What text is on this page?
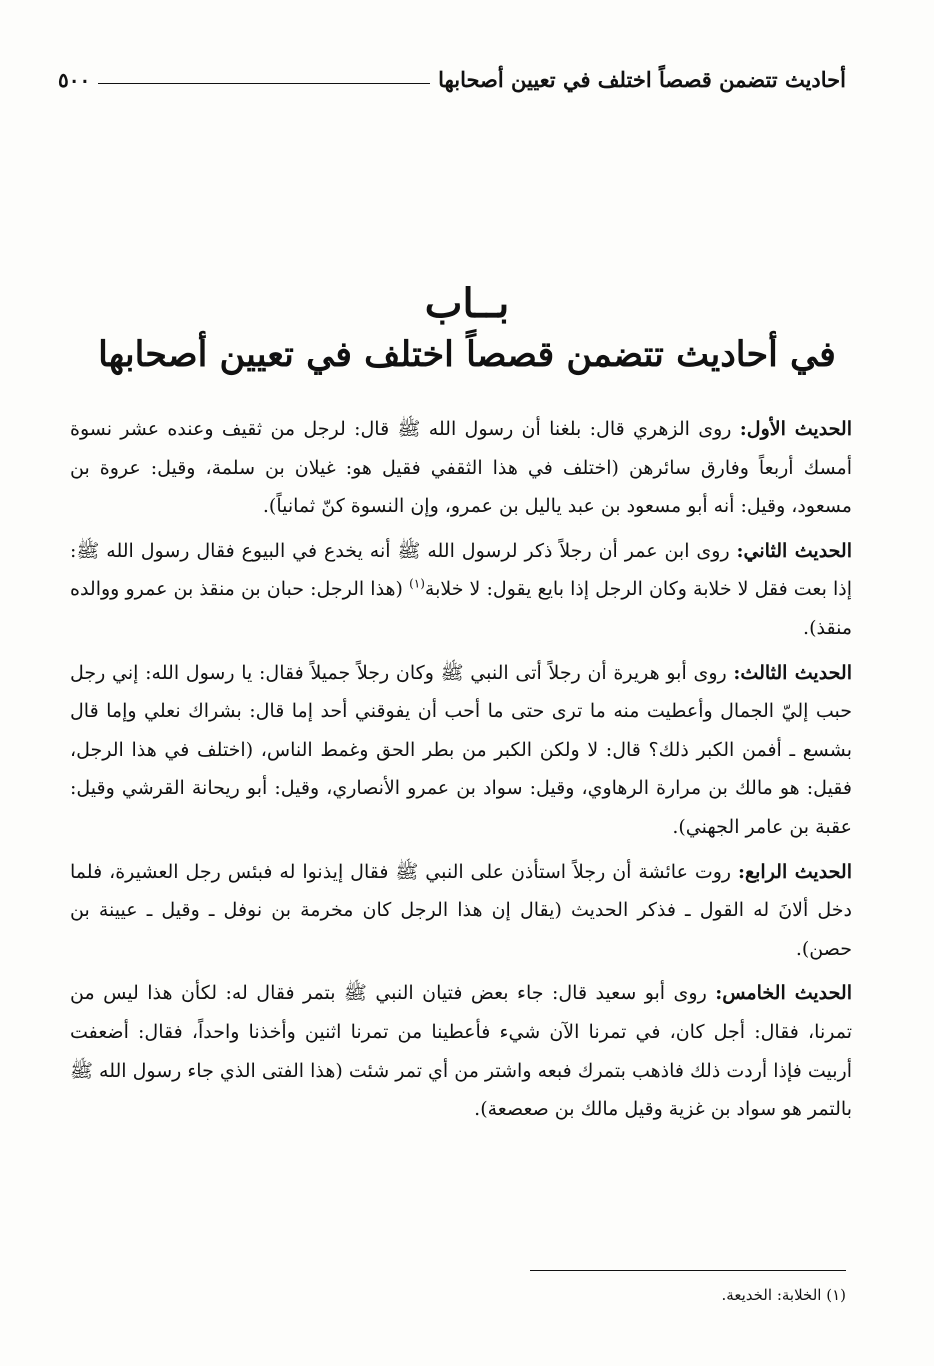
أحاديث تتضمن قصصاً اختلف في تعيين أصحابها
٥٠٠
بــاب
في أحاديث تتضمن قصصاً اختلف في تعيين أصحابها

الحديث الأول: روى الزهري قال: بلغنا أن رسول الله ﷺ قال: لرجل من ثقيف وعنده عشر نسوة أمسك أربعاً وفارق سائرهن (اختلف في هذا الثقفي فقيل هو: غيلان بن سلمة، وقيل: عروة بن مسعود، وقيل: أنه أبو مسعود بن عبد ياليل بن عمرو، وإن النسوة كنّ ثمانياً).

الحديث الثاني: روى ابن عمر أن رجلاً ذكر لرسول الله ﷺ أنه يخدع في البيوع فقال رسول الله ﷺ: إذا بعت فقل لا خلابة وكان الرجل إذا بايع يقول: لا خلابة$^{(١)}$ (هذا الرجل: حبان بن منقذ بن عمرو ووالده منقذ).

الحديث الثالث: روى أبو هريرة أن رجلاً أتى النبي ﷺ وكان رجلاً جميلاً فقال: يا رسول الله: إني رجل حبب إليّ الجمال وأعطيت منه ما ترى حتى ما أحب أن يفوقني أحد إما قال: بشراك نعلي وإما قال بشسع ـ أفمن الكبر ذلك؟ قال: لا ولكن الكبر من بطر الحق وغمط الناس، (اختلف في هذا الرجل، فقيل: هو مالك بن مرارة الرهاوي، وقيل: سواد بن عمرو الأنصاري، وقيل: أبو ريحانة القرشي وقيل: عقبة بن عامر الجهني).

الحديث الرابع: روت عائشة أن رجلاً استأذن على النبي ﷺ فقال إيذنوا له فبئس رجل العشيرة، فلما دخل ألانَ له القول ـ فذكر الحديث (يقال إن هذا الرجل كان مخرمة بن نوفل ـ وقيل ـ عيينة بن حصن).

الحديث الخامس: روى أبو سعيد قال: جاء بعض فتيان النبي ﷺ بتمر فقال له: لكأن هذا ليس من تمرنا، فقال: أجل كان، في تمرنا الآن شيء فأعطينا من تمرنا اثنين وأخذنا واحداً، فقال: أضعفت أربيت فإذا أردت ذلك فاذهب بتمرك فبعه واشتر من أي تمر شئت (هذا الفتى الذي جاء رسول الله ﷺ بالتمر هو سواد بن غزية وقيل مالك بن صعصعة).

(١) الخلابة: الخديعة.
